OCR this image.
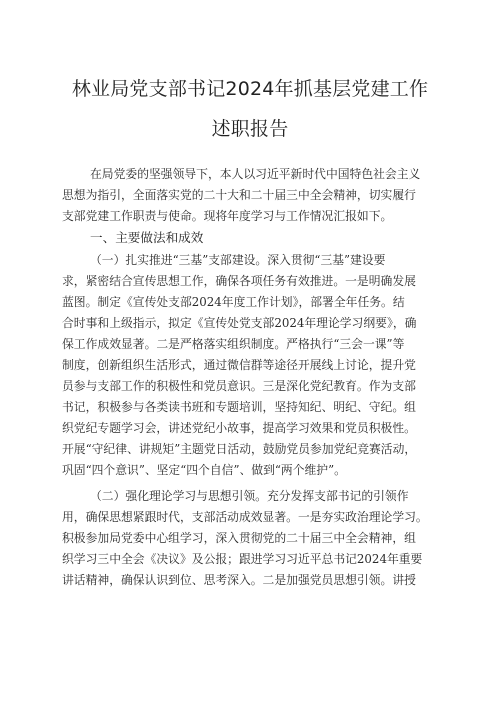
林业局党支部书记2024年抓基层党建工作
述职报告
在局党委的坚强领导下，本人以习近平新时代中国特色社会主义
思想为指引，全面落实党的二十大和二十届三中全会精神，切实履行
支部党建工作职责与使命。现将年度学习与工作情况汇报如下。
一、主要做法和成效
（一）扎实推进“三基”支部建设。深入贯彻“三基”建设要
求，紧密结合宣传思想工作，确保各项任务有效推进。一是明确发展
蓝图。制定《宣传处支部2024年度工作计划》，部署全年任务。结
合时事和上级指示，拟定《宣传处党支部2024年理论学习纲要》，确
保工作成效显著。二是严格落实组织制度。严格执行“三会一课”等
制度，创新组织生活形式，通过微信群等途径开展线上讨论，提升党
员参与支部工作的积极性和党员意识。三是深化党纪教育。作为支部
书记，积极参与各类读书班和专题培训，坚持知纪、明纪、守纪。组
织党纪专题学习会，讲述党纪小故事，提高学习效果和党员积极性。
开展“守纪律、讲规矩”主题党日活动，鼓励党员参加党纪竞赛活动，
巩固“四个意识”、坚定“四个自信”、做到“两个维护”。
（二）强化理论学习与思想引领。充分发挥支部书记的引领作
用，确保思想紧跟时代，支部活动成效显著。一是夯实政治理论学习。
积极参加局党委中心组学习，深入贯彻党的二十届三中全会精神，组
织学习三中全会《决议》及公报；跟进学习习近平总书记2024年重要
讲话精神，确保认识到位、思考深入。二是加强党员思想引领。讲授
